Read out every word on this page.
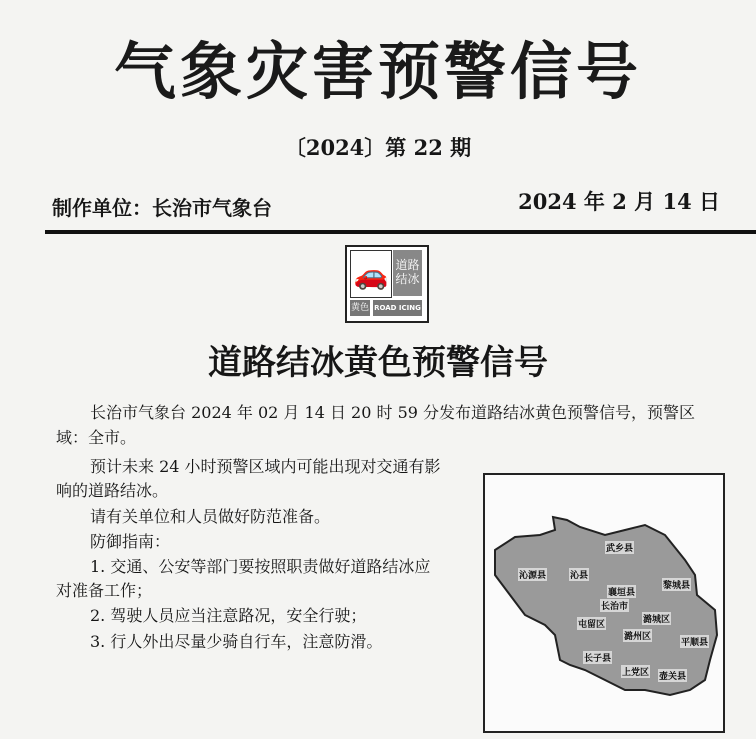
气象灾害预警信号
〔2024〕第 22 期
制作单位：长治市气象台	2024 年 2 月 14 日
🚗 道路结冰
黄色 ROAD ICING
道路结冰黄色预警信号
长治市气象台 2024 年 02 月 14 日 20 时 59 分发布道路结冰黄色预警信号，预警区
域：全市。
预计未来 24 小时预警区域内可能出现对交通有影
响的道路结冰。
请有关单位和人员做好防范准备。
防御指南：
1. 交通、公安等部门要按照职责做好道路结冰应
对准备工作；
2. 驾驶人员应当注意路况，安全行驶；
3. 行人外出尽量少骑自行车，注意防滑。
武乡县
沁源县	沁县
襄垣县
黎城县
长治市
屯留区	潞城区
潞州区
平顺县
长子县
上党区 壶关县
